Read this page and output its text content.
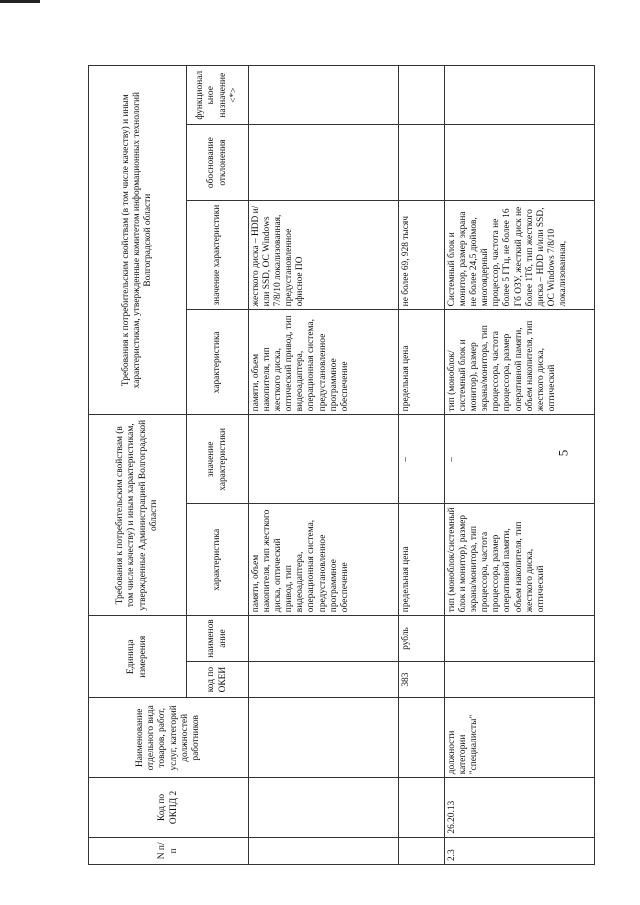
5
N п/п	Код по ОКПД 2	Наименование отдельного вида товаров, работ, услуг, категорий должностей работников	Единица измерения		Требования к потребительским свойствам (в том числе качеству) и иным характеристикам, утвержденные Администрацией Волгоградской области		Требования к потребительским свойствам (в том числе качеству) и иным характеристикам, утвержденные комитетом информационных технологий Волгоградской области			
			код по ОКЕИ	наименование	характеристика	значение характеристики	характеристика	значение характеристики	обоснование отклонения	функциональное назначение <*>
					памяти, объем накопителя, тип жесткого диска, оптический привод, тип видеоадаптера, операционная система, предустановленное программное обеспечение		памяти, объем накопителя, тип жесткого диска, оптический привод, тип видеоадаптера, операционная система, предустановленное программное обеспечение	жесткого диска – HDD и/или SSD, ОС Windows 7/8/10 локализованная, предустановленное офисное ПО		
			383	рубль	предельная цена	–	предельная цена	не более 69, 928 тысяч		
2.3	26.20.13	должности категории "специалисты"			тип (моноблок/системный блок и монитор), размер экрана/монитора, тип процессора, частота процессора, размер оперативной памяти, объем накопителя, тип жесткого диска, оптический	–	тип (моноблок/системный блок и монитор), размер экрана/монитора, тип процессора, частота процессора, размер оперативной памяти, объем накопителя, тип жесткого диска, оптический	Системный блок и монитор, размер экрана не более 24,5 дюймов, многоядерный процессор, частота не более 5 ГГц, не более 16 Гб ОЗУ, жесткий диск не более 1Тб, тип жесткого диска – HDD и/или SSD, ОС Windows 7/8/10 локализованная,		
